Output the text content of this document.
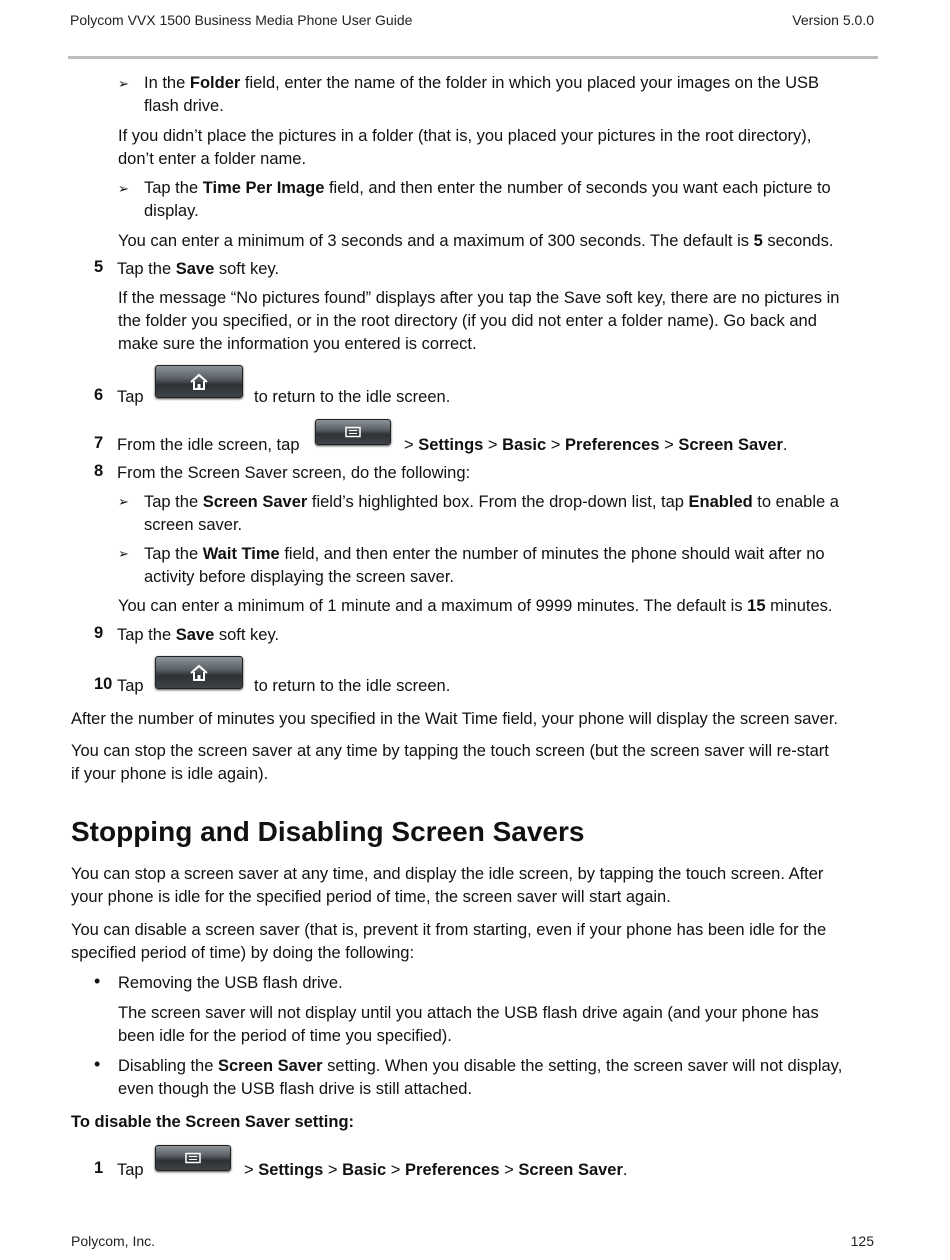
Polycom VVX 1500 Business Media Phone User Guide	Version 5.0.0
➢ In the Folder field, enter the name of the folder in which you placed your images on the USB
flash drive.
If you didn’t place the pictures in a folder (that is, you placed your pictures in the root directory),
don’t enter a folder name.
➢ Tap the Time Per Image field, and then enter the number of seconds you want each picture to
display.
You can enter a minimum of 3 seconds and a maximum of 300 seconds. The default is 5 seconds.
5 Tap the Save soft key.
If the message “No pictures found” displays after you tap the Save soft key, there are no pictures in
the folder you specified, or in the root directory (if you did not enter a folder name). Go back and
make sure the information you entered is correct.
6 Tap	to return to the idle screen.
7 From the idle screen, tap	> Settings > Basic > Preferences > Screen Saver.
8 From the Screen Saver screen, do the following:
➢ Tap the Screen Saver field’s highlighted box. From the drop-down list, tap Enabled to enable a
screen saver.
➢ Tap the Wait Time field, and then enter the number of minutes the phone should wait after no
activity before displaying the screen saver.
You can enter a minimum of 1 minute and a maximum of 9999 minutes. The default is 15 minutes.
9 Tap the Save soft key.
10 Tap	to return to the idle screen.
After the number of minutes you specified in the Wait Time field, your phone will display the screen saver.
You can stop the screen saver at any time by tapping the touch screen (but the screen saver will re-start
if your phone is idle again).
Stopping and Disabling Screen Savers
You can stop a screen saver at any time, and display the idle screen, by tapping the touch screen. After
your phone is idle for the specified period of time, the screen saver will start again.
You can disable a screen saver (that is, prevent it from starting, even if your phone has been idle for the
specified period of time) by doing the following:
• Removing the USB flash drive.
The screen saver will not display until you attach the USB flash drive again (and your phone has
been idle for the period of time you specified).
• Disabling the Screen Saver setting. When you disable the setting, the screen saver will not display,
even though the USB flash drive is still attached.
To disable the Screen Saver setting:
1 Tap	> Settings > Basic > Preferences > Screen Saver.
Polycom, Inc.	125
